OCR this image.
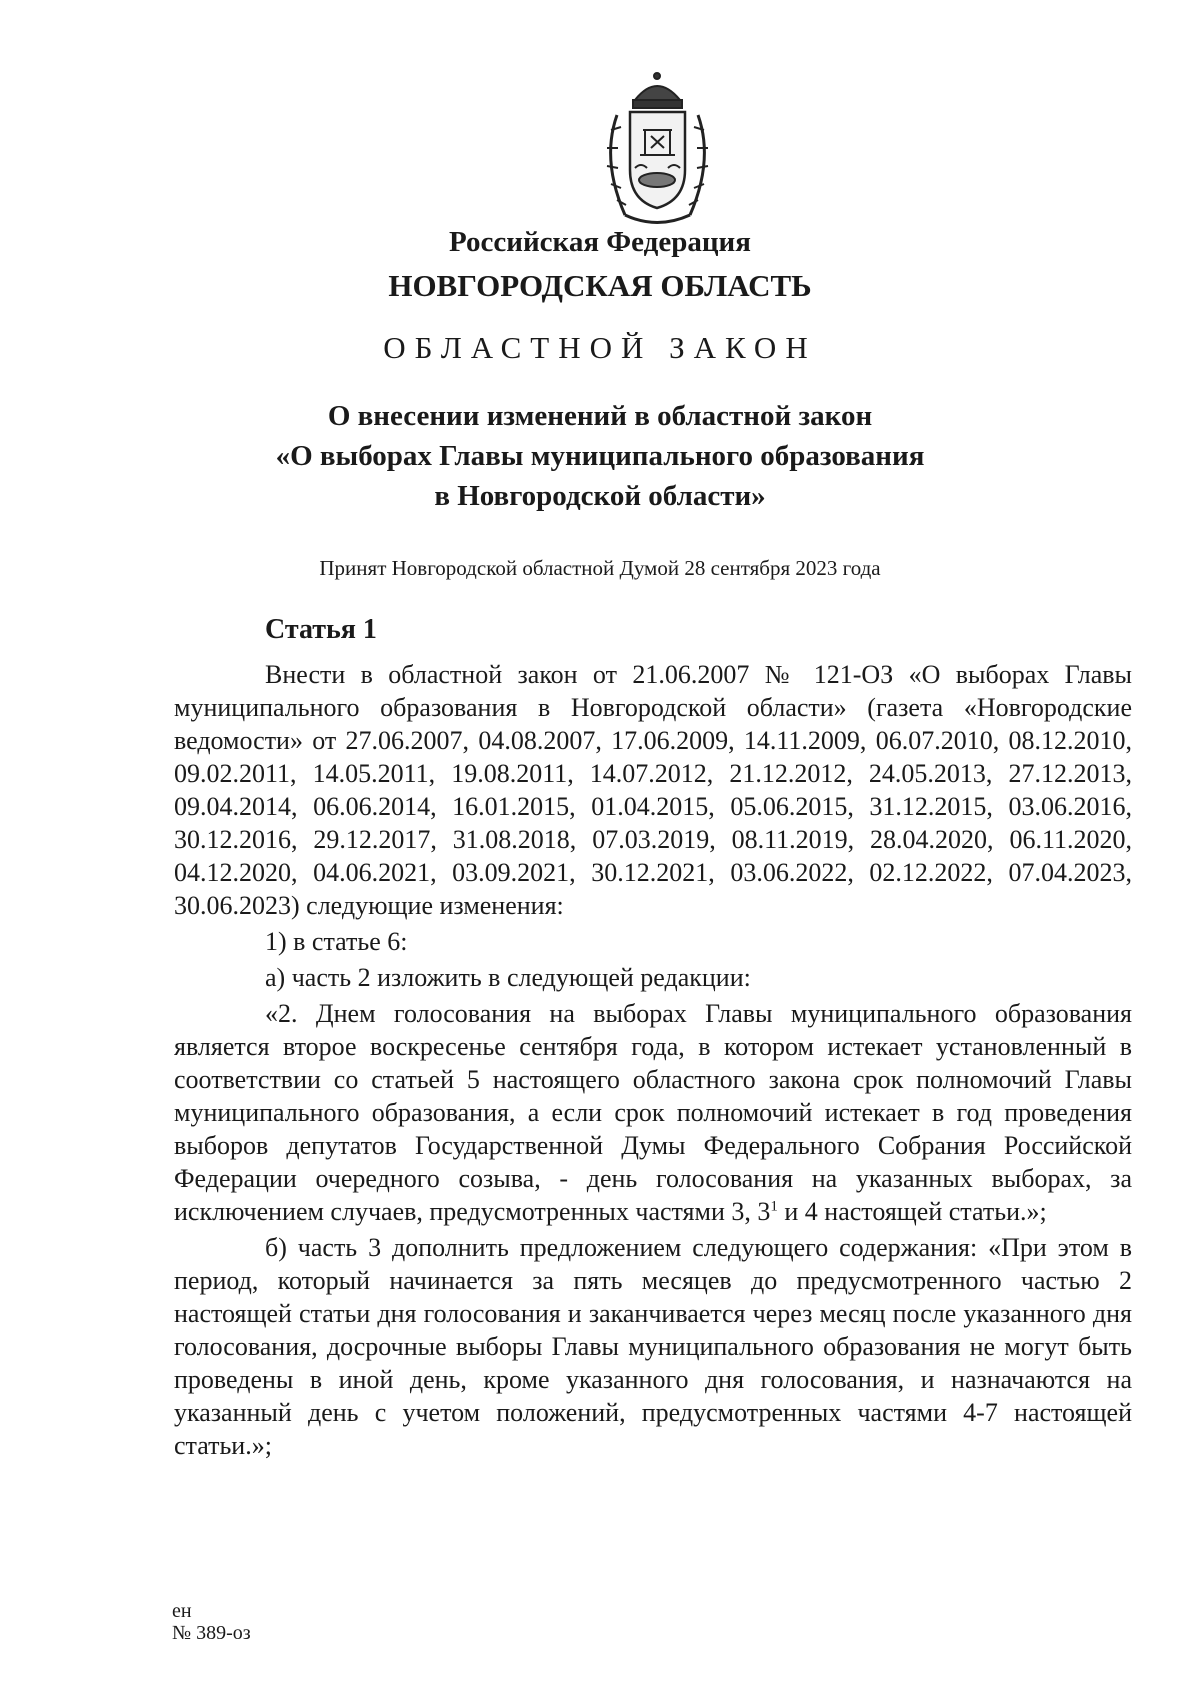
Российская Федерация
НОВГОРОДСКАЯ ОБЛАСТЬ
ОБЛАСТНОЙ ЗАКОН
О внесении изменений в областной закон
«О выборах Главы муниципального образования
в Новгородской области»
Принят Новгородской областной Думой 28 сентября 2023 года
Статья 1

Внести в областной закон от 21.06.2007 № 121-ОЗ «О выборах Главы муниципального образования в Новгородской области» (газета «Новгородские ведомости» от 27.06.2007, 04.08.2007, 17.06.2009, 14.11.2009, 06.07.2010, 08.12.2010, 09.02.2011, 14.05.2011, 19.08.2011, 14.07.2012, 21.12.2012, 24.05.2013, 27.12.2013, 09.04.2014, 06.06.2014, 16.01.2015, 01.04.2015, 05.06.2015, 31.12.2015, 03.06.2016, 30.12.2016, 29.12.2017, 31.08.2018, 07.03.2019, 08.11.2019, 28.04.2020, 06.11.2020, 04.12.2020, 04.06.2021, 03.09.2021, 30.12.2021, 03.06.2022, 02.12.2022, 07.04.2023, 30.06.2023) следующие изменения:

1) в статье 6:

а) часть 2 изложить в следующей редакции:

«2. Днем голосования на выборах Главы муниципального образования является второе воскресенье сентября года, в котором истекает установленный в соответствии со статьей 5 настоящего областного закона срок полномочий Главы муниципального образования, а если срок полномочий истекает в год проведения выборов депутатов Государственной Думы Федерального Собрания Российской Федерации очередного созыва, - день голосования на указанных выборах, за исключением случаев, предусмотренных частями 3, $3^1$ и 4 настоящей статьи.»;

б) часть 3 дополнить предложением следующего содержания: «При этом в период, который начинается за пять месяцев до предусмотренного частью 2 настоящей статьи дня голосования и заканчивается через месяц после указанного дня голосования, досрочные выборы Главы муниципального образования не могут быть проведены в иной день, кроме указанного дня голосования, и назначаются на указанный день с учетом положений, предусмотренных частями 4-7 настоящей статьи.»;

ен
№ 389-оз
